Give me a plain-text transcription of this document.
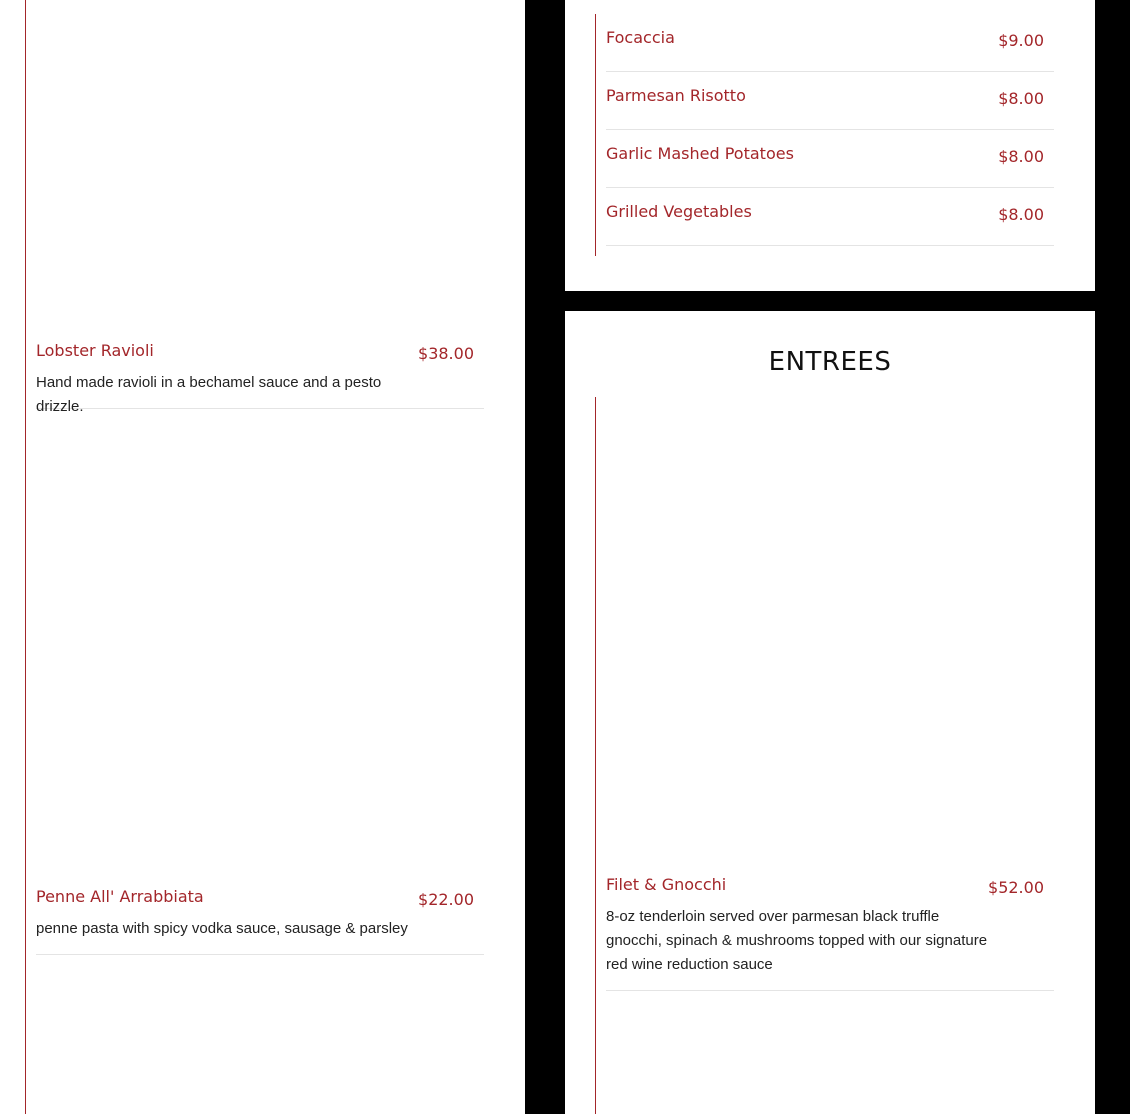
Lobster Ravioli	$38.00
Hand made ravioli in a bechamel sauce and a pesto drizzle.
Penne All' Arrabbiata	$22.00
penne pasta with spicy vodka sauce, sausage & parsley
Focaccia	$9.00
Parmesan Risotto	$8.00
Garlic Mashed Potatoes	$8.00
Grilled Vegetables	$8.00
ENTREES
Filet & Gnocchi	$52.00
8-oz tenderloin served over parmesan black truffle gnocchi, spinach & mushrooms topped with our signature red wine reduction sauce
